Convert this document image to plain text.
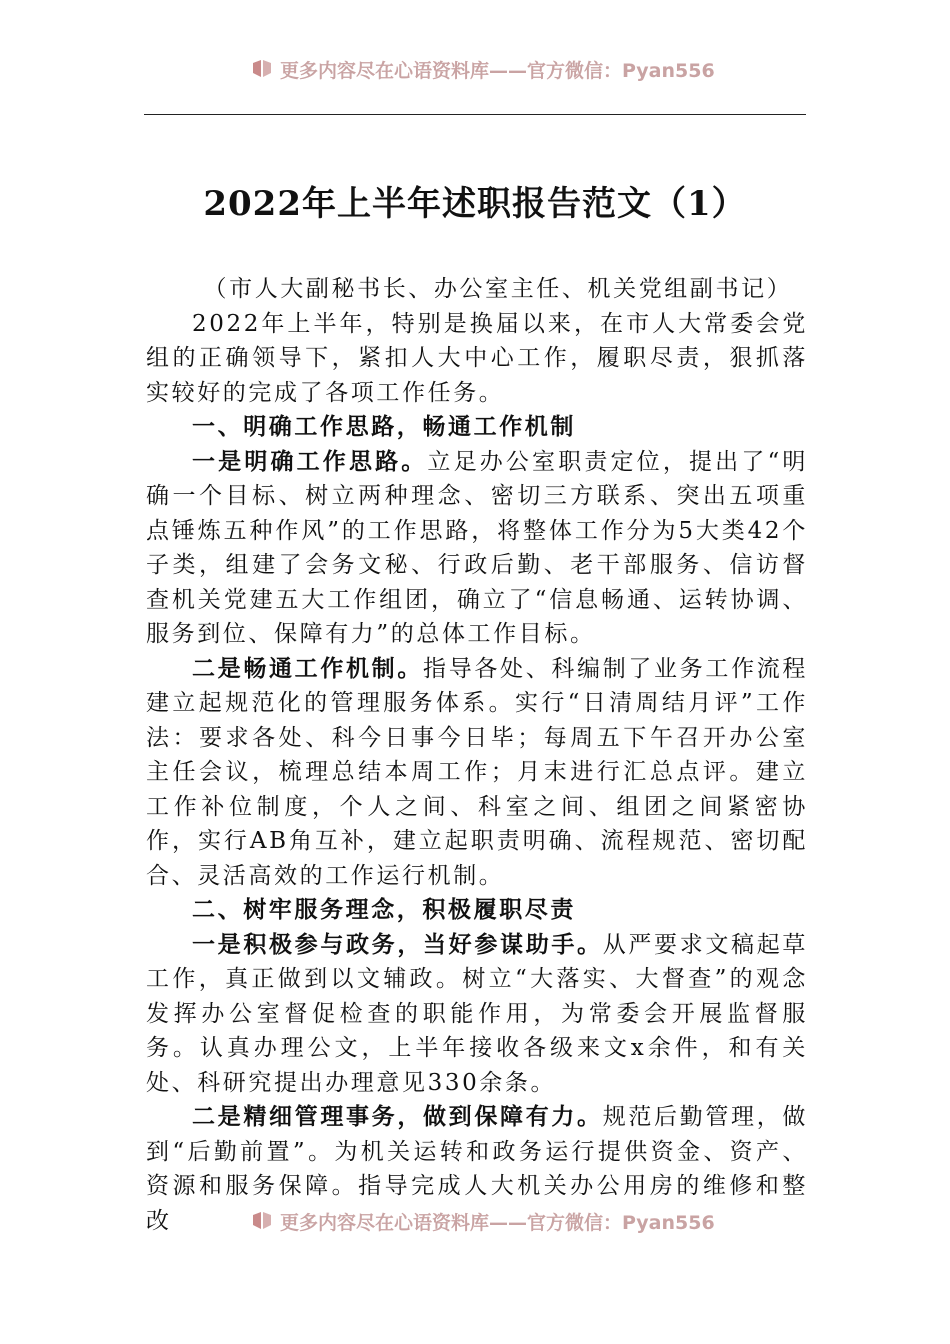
更多内容尽在心语资料库——官方微信：Pyan556
2022年上半年述职报告范文（1）

（市人大副秘书长、办公室主任、机关党组副书记）

2022年上半年，特别是换届以来，在市人大常委会党组的正确领导下，紧扣人大中心工作，履职尽责，狠抓落实较好的完成了各项工作任务。

一、明确工作思路，畅通工作机制

一是明确工作思路。立足办公室职责定位，提出了“明确一个目标、树立两种理念、密切三方联系、突出五项重点锤炼五种作风”的工作思路，将整体工作分为5大类42个子类，组建了会务文秘、行政后勤、老干部服务、信访督查机关党建五大工作组团，确立了“信息畅通、运转协调、服务到位、保障有力”的总体工作目标。

二是畅通工作机制。指导各处、科编制了业务工作流程建立起规范化的管理服务体系。实行“日清周结月评”工作法：要求各处、科今日事今日毕；每周五下午召开办公室主任会议，梳理总结本周工作；月末进行汇总点评。建立工作补位制度，个人之间、科室之间、组团之间紧密协作，实行AB角互补，建立起职责明确、流程规范、密切配合、灵活高效的工作运行机制。

二、树牢服务理念，积极履职尽责

一是积极参与政务，当好参谋助手。从严要求文稿起草工作，真正做到以文辅政。树立“大落实、大督查”的观念发挥办公室督促检查的职能作用，为常委会开展监督服务。认真办理公文，上半年接收各级来文x余件，和有关处、科研究提出办理意见330余条。

二是精细管理事务，做到保障有力。规范后勤管理，做到“后勤前置”。为机关运转和政务运行提供资金、资产、资源和服务保障。指导完成人大机关办公用房的维修和整改	更多内容尽在心语资料库——官方微信：Pyan556
